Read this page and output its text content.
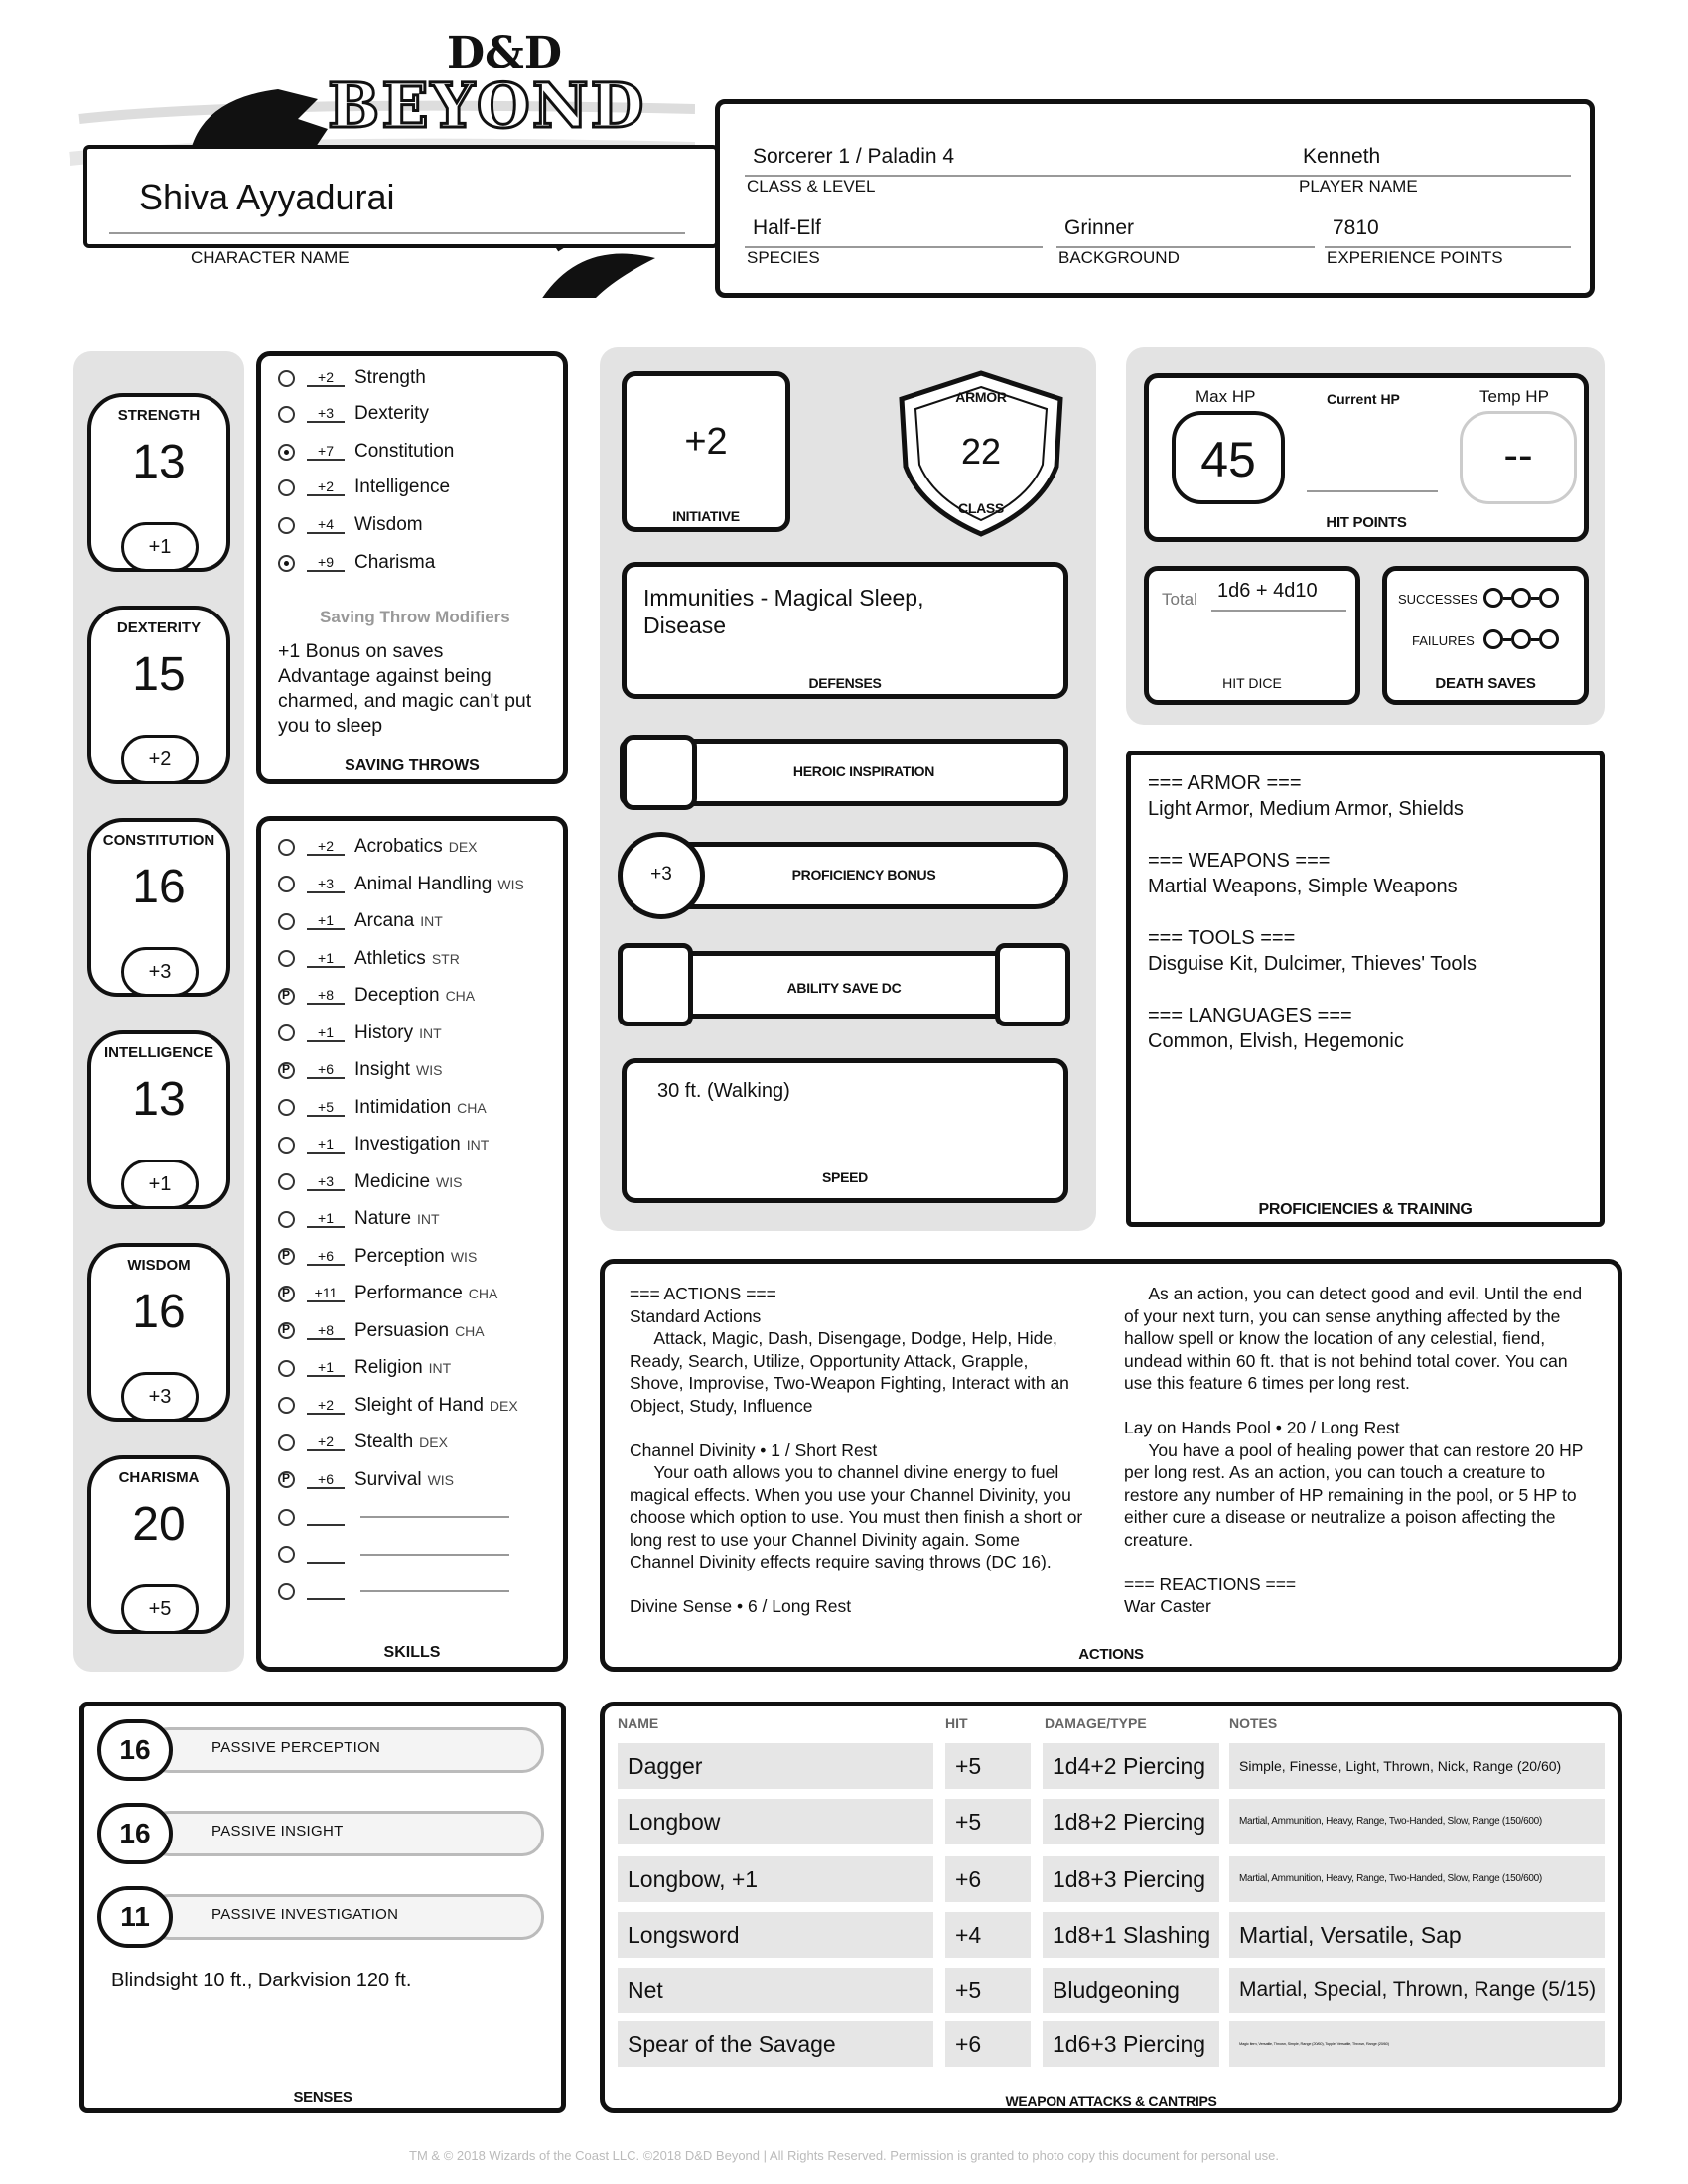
D&D
BEYOND
Shiva Ayyadurai
CHARACTER NAME
Sorcerer 1 / Paladin 4
CLASS & LEVEL
Kenneth
PLAYER NAME
Half-Elf
SPECIES
Grinner
BACKGROUND
7810
EXPERIENCE POINTS
STRENGTH
13
+1
DEXTERITY
15
+2
CONSTITUTION
16
+3
INTELLIGENCE
13
+1
WISDOM
16
+3
CHARISMA
20
+5
+2	Strength
+3	Dexterity
+7	Constitution
+2	Intelligence
+4	Wisdom
+9	Charisma
Saving Throw Modifiers
+1 Bonus on saves
Advantage against being charmed, and magic can't put you to sleep
SAVING THROWS
+2	Acrobatics DEX
+3	Animal Handling WIS
+1	Arcana INT
+1	Athletics STR
P
+8	Deception CHA
+1	History INT
P
+6	Insight WIS
+5	Intimidation CHA
+1	Investigation INT
+3	Medicine WIS
+1	Nature INT
P
+6	Perception WIS
P
+11 Performance CHA
P
+8	Persuasion CHA
+1	Religion INT
+2	Sleight of Hand DEX
+2	Stealth DEX
P
+6	Survival WIS

SKILLS
+2
INITIATIVE
ARMOR
22
CLASS
Immunities - Magical Sleep, Disease
DEFENSES
HEROIC INSPIRATION
+3	PROFICIENCY BONUS
ABILITY SAVE DC
30 ft. (Walking)
SPEED
Max HP
45
Current HP	Temp HP
--
HIT POINTS
Total 1d6 + 4d10
HIT DICE
SUCCESSES
FAILURES
DEATH SAVES
=== ARMOR ===
Light Armor, Medium Armor, Shields

=== WEAPONS ===
Martial Weapons, Simple Weapons

=== TOOLS ===
Disguise Kit, Dulcimer, Thieves' Tools

=== LANGUAGES ===
Common, Elvish, Hegemonic
PROFICIENCIES & TRAINING
=== ACTIONS ===
Standard Actions
Attack, Magic, Dash, Disengage, Dodge, Help, Hide, Ready, Search, Utilize, Opportunity Attack, Grapple, Shove, Improvise, Two-Weapon Fighting, Interact with an Object, Study, Influence

Channel Divinity • 1 / Short Rest
Your oath allows you to channel divine energy to fuel magical effects. When you use your Channel Divinity, you choose which option to use. You must then finish a short or long rest to use your Channel Divinity again. Some Channel Divinity effects require saving throws (DC 16).

Divine Sense • 6 / Long Rest
As an action, you can detect good and evil. Until the end of your next turn, you can sense anything affected by the hallow spell or know the location of any celestial, fiend, undead within 60 ft. that is not behind total cover. You can use this feature 6 times per long rest.

Lay on Hands Pool • 20 / Long Rest
You have a pool of healing power that can restore 20 HP per long rest. As an action, you can touch a creature to restore any number of HP remaining in the pool, or 5 HP to either cure a disease or neutralize a poison affecting the creature.

=== REACTIONS ===
War Caster
ACTIONS
16	PASSIVE PERCEPTION
16	PASSIVE INSIGHT
11	PASSIVE INVESTIGATION
Blindsight 10 ft., Darkvision 120 ft.
SENSES
NAME	HIT	DAMAGE/TYPE	NOTES
Dagger	+5	1d4+2 Piercing	Simple, Finesse, Light, Thrown, Nick, Range (20/60)
Longbow	+5	1d8+2 Piercing	Martial, Ammunition, Heavy, Range, Two-Handed, Slow, Range (150/600)
Longbow, +1	+6	1d8+3 Piercing	Martial, Ammunition, Heavy, Range, Two-Handed, Slow, Range (150/600)
Longsword	+4	1d8+1 Slashing	Martial, Versatile, Sap
Net	+5	Bludgeoning	Martial, Special, Thrown, Range (5/15)
Spear of the Savage	+6	1d6+3 Piercing	Magic Item, Versatile, Thrown, Simple, Range (20/60), Topple, Versatile, Thrown, Range (20/60)
WEAPON ATTACKS & CANTRIPS
TM & © 2018 Wizards of the Coast LLC. ©2018 D&D Beyond | All Rights Reserved. Permission is granted to photo copy this document for personal use.
